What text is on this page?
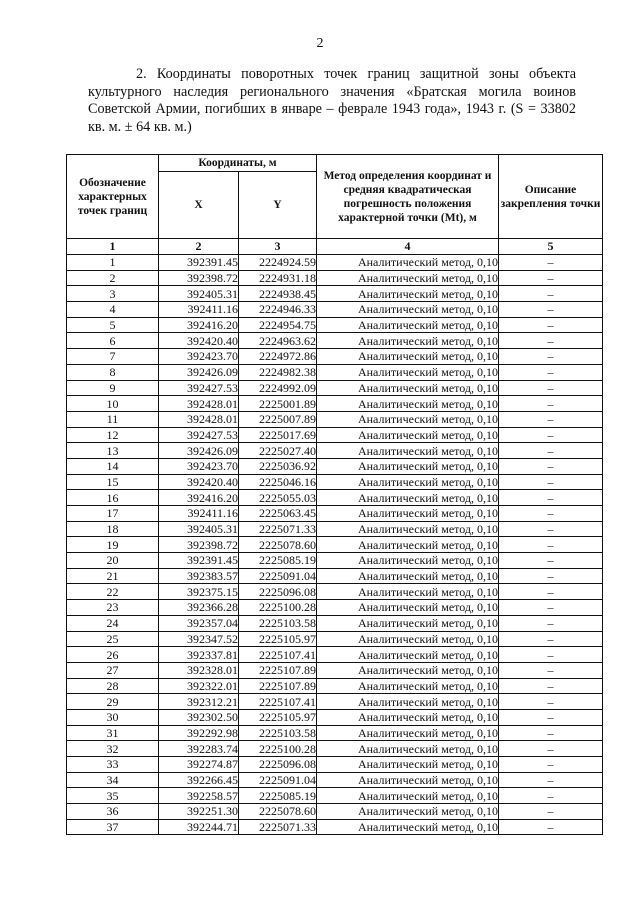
2

2. Координаты поворотных точек границ защитной зоны объекта культурного наследия регионального значения «Братская могила воинов Советской Армии, погибших в январе – феврале 1943 года», 1943 г. (S = 33802 кв. м. ± 64 кв. м.)

Обозначение характерных точек границ	Координаты, м		Метод определения координат и средняя квадратическая погрешность положения характерной точки (Mt), м	Описание закрепления точки
	X	Y		
1	2	3	4	5
1	392391.45	2224924.59	Аналитический метод, 0,10	–
2	392398.72	2224931.18	Аналитический метод, 0,10	–
3	392405.31	2224938.45	Аналитический метод, 0,10	–
4	392411.16	2224946.33	Аналитический метод, 0,10	–
5	392416.20	2224954.75	Аналитический метод, 0,10	–
6	392420.40	2224963.62	Аналитический метод, 0,10	–
7	392423.70	2224972.86	Аналитический метод, 0,10	–
8	392426.09	2224982.38	Аналитический метод, 0,10	–
9	392427.53	2224992.09	Аналитический метод, 0,10	–
10	392428.01	2225001.89	Аналитический метод, 0,10	–
11	392428.01	2225007.89	Аналитический метод, 0,10	–
12	392427.53	2225017.69	Аналитический метод, 0,10	–
13	392426.09	2225027.40	Аналитический метод, 0,10	–
14	392423.70	2225036.92	Аналитический метод, 0,10	–
15	392420.40	2225046.16	Аналитический метод, 0,10	–
16	392416.20	2225055.03	Аналитический метод, 0,10	–
17	392411.16	2225063.45	Аналитический метод, 0,10	–
18	392405.31	2225071.33	Аналитический метод, 0,10	–
19	392398.72	2225078.60	Аналитический метод, 0,10	–
20	392391.45	2225085.19	Аналитический метод, 0,10	–
21	392383.57	2225091.04	Аналитический метод, 0,10	–
22	392375.15	2225096.08	Аналитический метод, 0,10	–
23	392366.28	2225100.28	Аналитический метод, 0,10	–
24	392357.04	2225103.58	Аналитический метод, 0,10	–
25	392347.52	2225105.97	Аналитический метод, 0,10	–
26	392337.81	2225107.41	Аналитический метод, 0,10	–
27	392328.01	2225107.89	Аналитический метод, 0,10	–
28	392322.01	2225107.89	Аналитический метод, 0,10	–
29	392312.21	2225107.41	Аналитический метод, 0,10	–
30	392302.50	2225105.97	Аналитический метод, 0,10	–
31	392292.98	2225103.58	Аналитический метод, 0,10	–
32	392283.74	2225100.28	Аналитический метод, 0,10	–
33	392274.87	2225096.08	Аналитический метод, 0,10	–
34	392266.45	2225091.04	Аналитический метод, 0,10	–
35	392258.57	2225085.19	Аналитический метод, 0,10	–
36	392251.30	2225078.60	Аналитический метод, 0,10	–
37	392244.71	2225071.33	Аналитический метод, 0,10	–
